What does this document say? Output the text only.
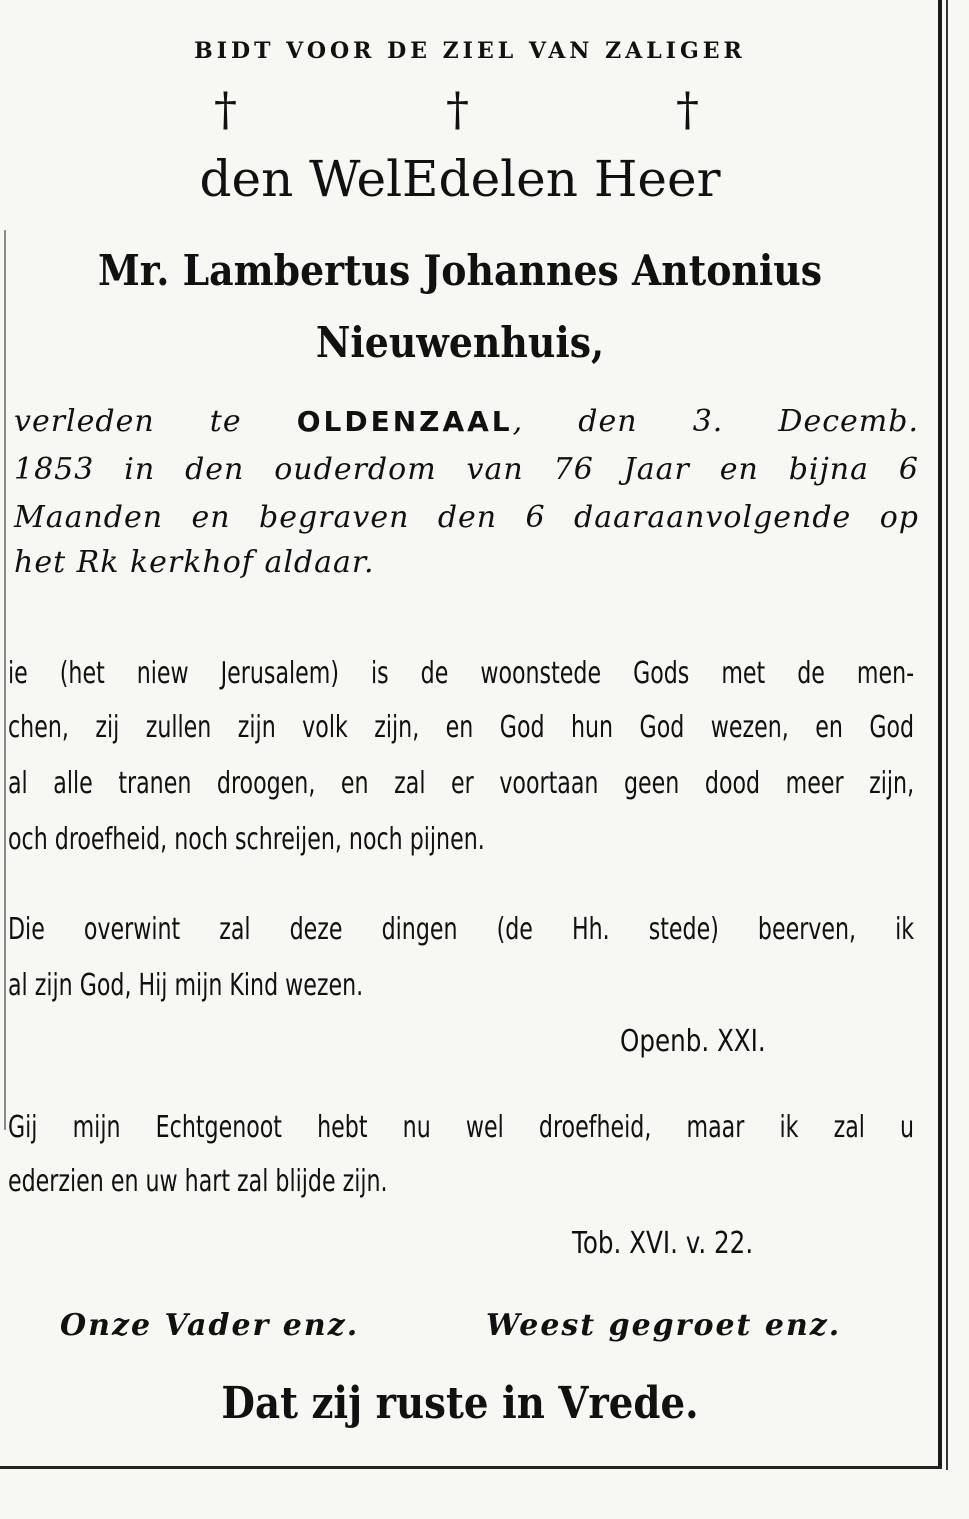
BIDT VOOR DE ZIEL VAN ZALIGER
†	†	†
den WelEdelen Heer
Mr. Lambertus Johannes Antonius
Nieuwenhuis,
verleden te OLDENZAAL, den 3. Decemb.
1853 in den ouderdom van 76 Jaar en bijna 6
Maanden en begraven den 6 daaraanvolgende op
het Rk kerkhof aldaar.
ie (het niew Jerusalem) is de woonstede Gods met de men-
chen, zij zullen zijn volk zijn, en God hun God wezen, en God
al alle tranen droogen, en zal er voortaan geen dood meer zijn,
och droefheid, noch schreijen, noch pijnen.
Die overwint zal deze dingen (de Hh. stede) beerven, ik
al zijn God, Hij mijn Kind wezen.
Openb. XXI.
Gij mijn Echtgenoot hebt nu wel droefheid, maar ik zal u
ederzien en uw hart zal blijde zijn.
Tob. XVI. v. 22.
Onze Vader enz.	Weest gegroet enz.
Dat zij ruste in Vrede.
